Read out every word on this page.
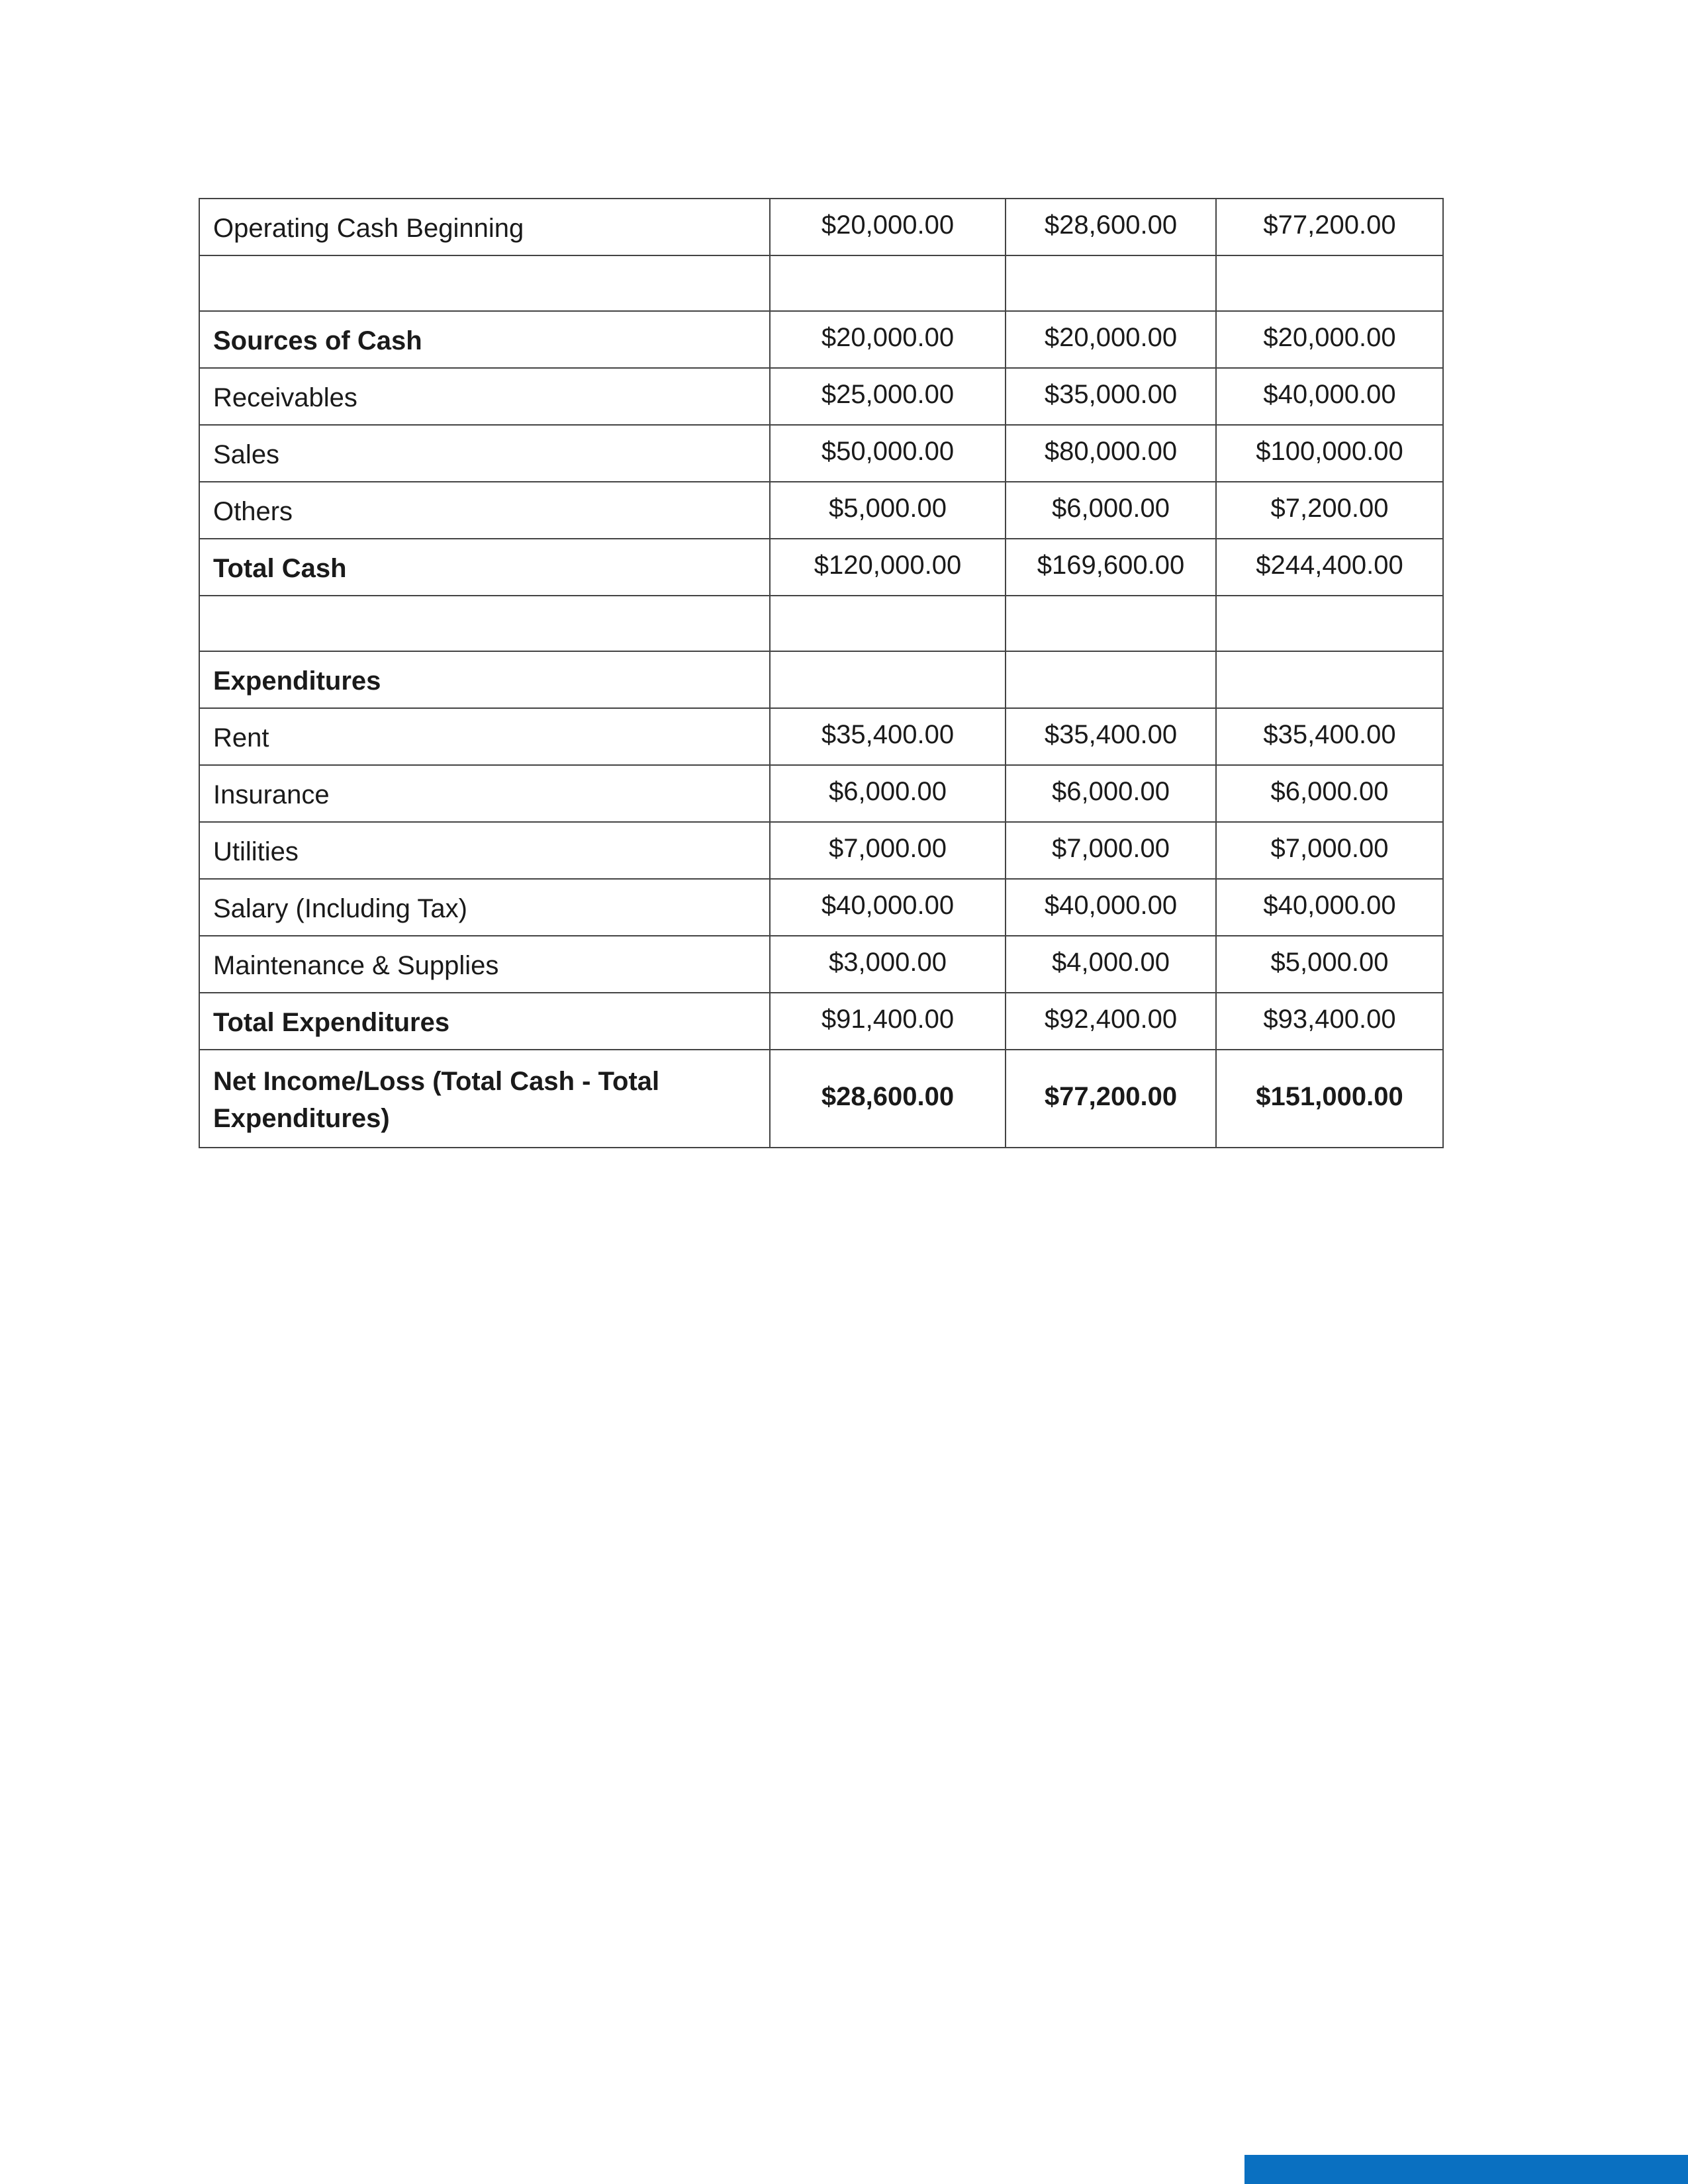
Operating Cash Beginning	$20,000.00	$28,600.00	$77,200.00

Sources of Cash	$20,000.00	$20,000.00	$20,000.00
Receivables	$25,000.00	$35,000.00	$40,000.00
Sales	$50,000.00	$80,000.00	$100,000.00
Others	$5,000.00	$6,000.00	$7,200.00
Total Cash	$120,000.00	$169,600.00	$244,400.00

Expenditures			
Rent	$35,400.00	$35,400.00	$35,400.00
Insurance	$6,000.00	$6,000.00	$6,000.00
Utilities	$7,000.00	$7,000.00	$7,000.00
Salary (Including Tax)	$40,000.00	$40,000.00	$40,000.00
Maintenance & Supplies	$3,000.00	$4,000.00	$5,000.00
Total Expenditures	$91,400.00	$92,400.00	$93,400.00
Net Income/Loss (Total Cash - Total Expenditures)	$28,600.00	$77,200.00	$151,000.00
